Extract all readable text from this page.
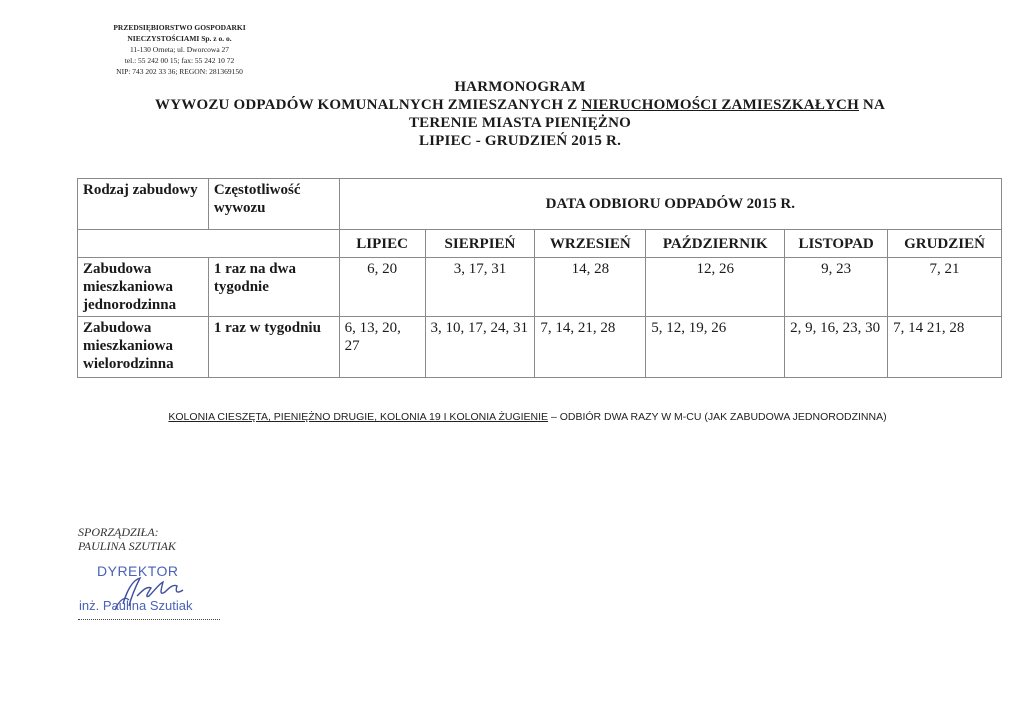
PRZEDSIĘBIORSTWO GOSPODARKI
NIECZYSTOŚCIAMI Sp. z o. o.
11-130 Orneta; ul. Dworcowa 27
tel.: 55 242 00 15; fax: 55 242 10 72
NIP: 743 202 33 36; REGON: 281369150
HARMONOGRAM
WYWOZU ODPADÓW KOMUNALNYCH ZMIESZANYCH Z NIERUCHOMOŚCI ZAMIESZKAŁYCH NA
TERENIE MIASTA PIENIĘŻNO
LIPIEC - GRUDZIEŃ 2015 R.
Rodzaj zabudowy	Częstotliwość wywozu	DATA ODBIORU ODPADÓW 2015 R.					
		LIPIEC	SIERPIEŃ	WRZESIEŃ	PAŹDZIERNIK	LISTOPAD	GRUDZIEŃ
Zabudowa mieszkaniowa jednorodzinna	1 raz na dwa tygodnie	6, 20	3, 17, 31	14, 28	12, 26	9, 23	7, 21
Zabudowa mieszkaniowa wielorodzinna	1 raz w tygodniu	6, 13, 20, 27	3, 10, 17, 24, 31	7, 14, 21, 28	5, 12, 19, 26	2, 9, 16, 23, 30	7, 14 21, 28
KOLONIA CIESZĘTA, PIENIĘŻNO DRUGIE, KOLONIA 19 I KOLONIA ŻUGIENIE – ODBIÓR DWA RAZY W M-CU (JAK ZABUDOWA JEDNORODZINNA)
SPORZĄDZIŁA:
PAULINA SZUTIAK
DYREKTOR
inż. Paulina Szutiak
